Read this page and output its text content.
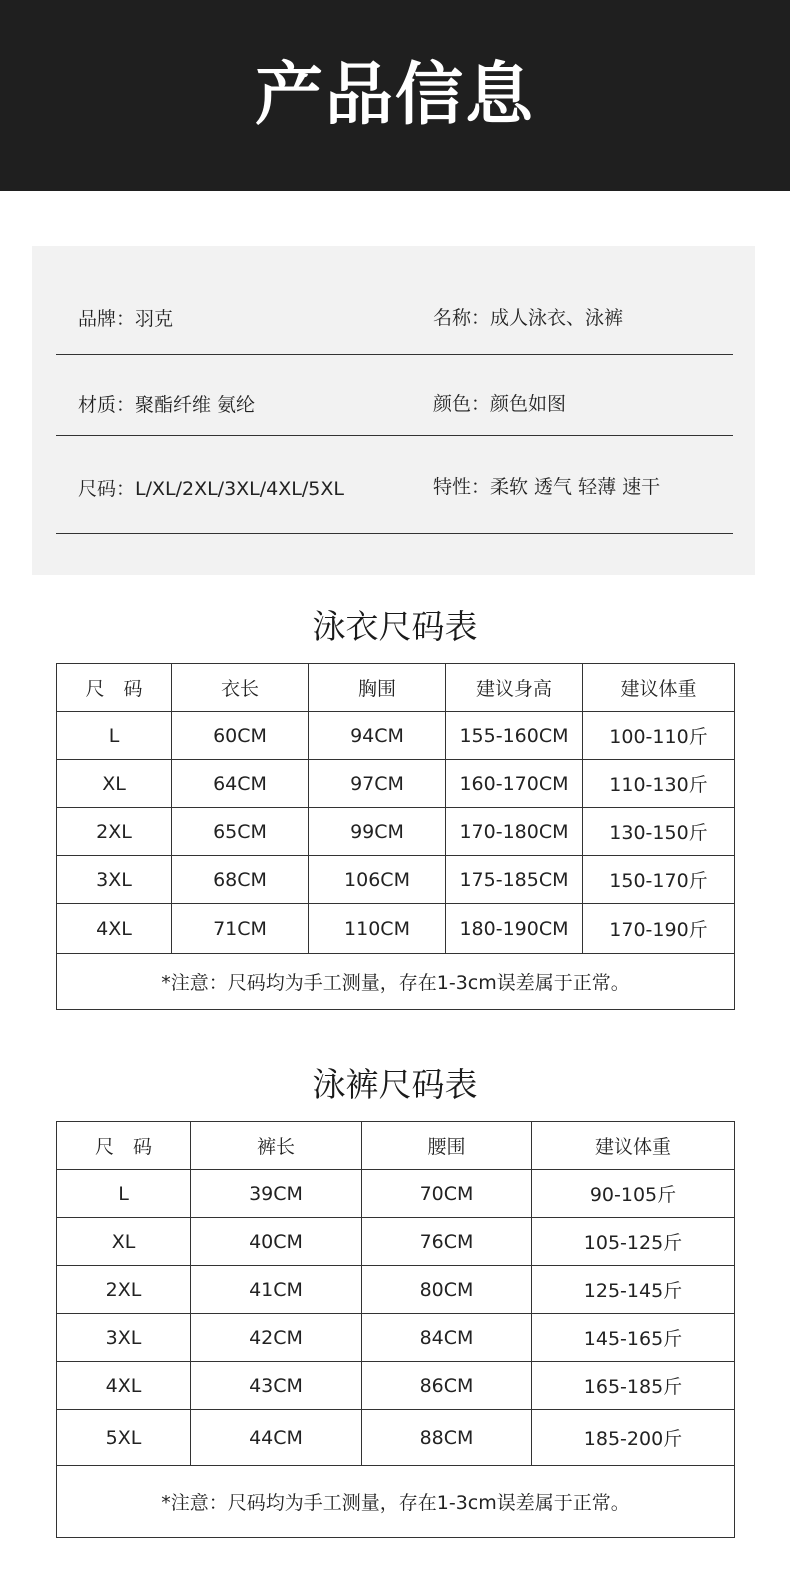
产品信息
品牌：羽克	名称：成人泳衣、泳裤
材质：聚酯纤维 氨纶	颜色：颜色如图
尺码：L/XL/2XL/3XL/4XL/5XL	特性：柔软 透气 轻薄 速干
泳衣尺码表
尺　码	衣长	胸围	建议身高	建议体重
L	60CM	94CM	155-160CM	100-110斤
XL	64CM	97CM	160-170CM	110-130斤
2XL	65CM	99CM	170-180CM	130-150斤
3XL	68CM	106CM	175-185CM	150-170斤
4XL	71CM	110CM	180-190CM	170-190斤
*注意：尺码均为手工测量，存在1-3cm误差属于正常。				
泳裤尺码表
尺　码	裤长	腰围	建议体重
L	39CM	70CM	90-105斤
XL	40CM	76CM	105-125斤
2XL	41CM	80CM	125-145斤
3XL	42CM	84CM	145-165斤
4XL	43CM	86CM	165-185斤
5XL	44CM	88CM	185-200斤
*注意：尺码均为手工测量，存在1-3cm误差属于正常。			
